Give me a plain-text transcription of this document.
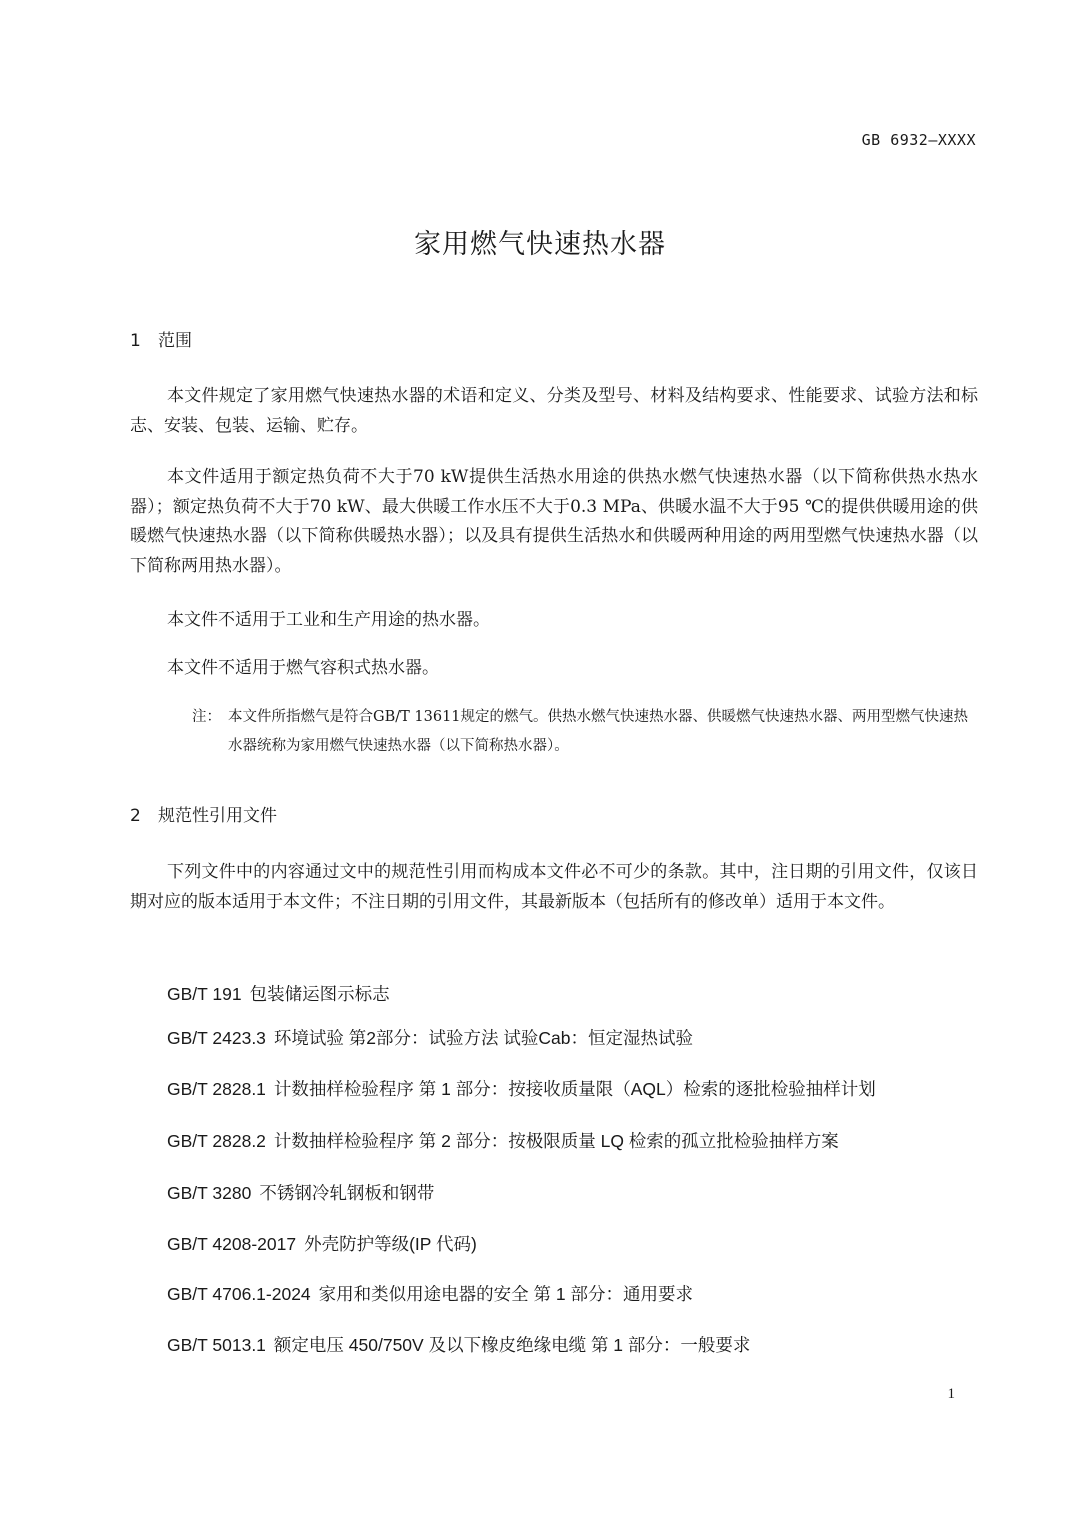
GB 6932—XXXX
家用燃气快速热水器
1 范围

本文件规定了家用燃气快速热水器的术语和定义、分类及型号、材料及结构要求、性能要求、试验方法和标志、安装、包装、运输、贮存。

本文件适用于额定热负荷不大于70 kW提供生活热水用途的供热水燃气快速热水器（以下简称供热水热水器）；额定热负荷不大于70 kW、最大供暖工作水压不大于0.3 MPa、供暖水温不大于95 ℃的提供供暖用途的供暖燃气快速热水器（以下简称供暖热水器）；以及具有提供生活热水和供暖两种用途的两用型燃气快速热水器（以下简称两用热水器）。

本文件不适用于工业和生产用途的热水器。

本文件不适用于燃气容积式热水器。

注： 本文件所指燃气是符合GB/T 13611规定的燃气。供热水燃气快速热水器、供暖燃气快速热水器、两用型燃气快速热水器统称为家用燃气快速热水器（以下简称热水器）。

2 规范性引用文件

下列文件中的内容通过文中的规范性引用而构成本文件必不可少的条款。其中，注日期的引用文件，仅该日期对应的版本适用于本文件；不注日期的引用文件，其最新版本（包括所有的修改单）适用于本文件。

GB/T 191 包装储运图示标志

GB/T 2423.3 环境试验 第2部分：试验方法 试验Cab：恒定湿热试验

GB/T 2828.1 计数抽样检验程序 第 1 部分：按接收质量限（AQL）检索的逐批检验抽样计划

GB/T 2828.2 计数抽样检验程序 第 2 部分：按极限质量 LQ 检索的孤立批检验抽样方案

GB/T 3280 不锈钢冷轧钢板和钢带

GB/T 4208-2017 外壳防护等级(IP 代码)

GB/T 4706.1-2024 家用和类似用途电器的安全 第 1 部分：通用要求

GB/T 5013.1 额定电压 450/750V 及以下橡皮绝缘电缆 第 1 部分：一般要求

1
